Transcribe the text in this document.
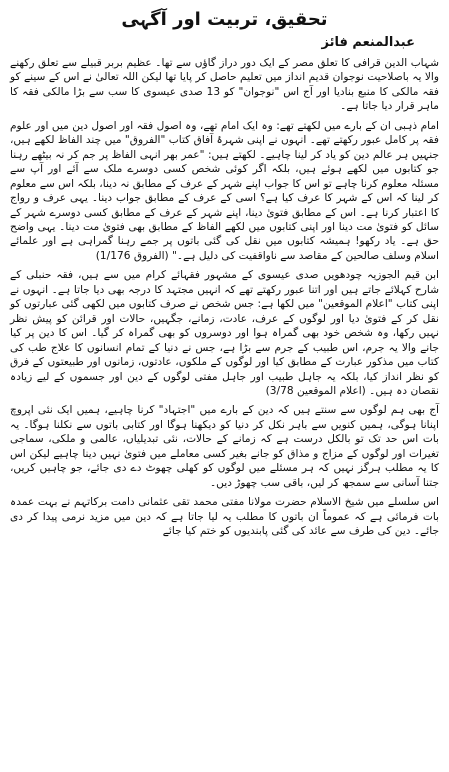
تحقیق، تربیت اور آگہی
عبدالمنعم فائز
شہاب الدین قرافی کا تعلق مصر کے ایک دور دراز گاؤں سے تھا۔ عظیم بربر قبیلے سے تعلق رکھنے والا یہ باصلاحیت نوجوان قدیم انداز میں تعلیم حاصل کر پایا تھا لیکن اللہ تعالیٰ نے اس کے سینے کو فقہ مالکی کا منبع بنادیا اور آج اس "نوجوان" کو 13 صدی عیسوی کا سب سے بڑا مالکی فقہ کا ماہر قرار دیا جاتا ہے۔
امام ذہبی ان کے بارے میں لکھتے تھے: وہ ایک امام تھے، وہ اصول فقہ اور اصول دین میں اور علوم فقہ پر کامل عبور رکھتے تھے۔ انہوں نے اپنی شہرۂ آفاق کتاب "الفروق" میں چند الفاظ لکھے ہیں، جنہیں ہر عالم دین کو یاد کر لینا چاہیے۔ لکھتے ہیں: "عمر بھر انہی الفاظ پر جم کر نہ بیٹھے رہنا جو کتابوں میں لکھے ہوئے ہیں، بلکہ اگر کوئی شخص کسی دوسرے ملک سے آئے اور آپ سے مسئلہ معلوم کرنا چاہے تو اس کا جواب اپنے شہر کے عرف کے مطابق نہ دینا، بلکہ اس سے معلوم کر لینا کہ اس کے شہر کا عرف کیا ہے؟ اسی کے عرف کے مطابق جواب دینا۔ یہی عرف و رواج کا اعتبار کرنا ہے۔ اس کے مطابق فتویٰ دینا، اپنے شہر کے عرف کے مطابق کسی دوسرے شہر کے سائل کو فتویٰ مت دینا اور اپنی کتابوں میں لکھے الفاظ کے مطابق بھی فتویٰ مت دینا۔ یہی واضح حق ہے۔ یاد رکھو! ہمیشہ کتابوں میں نقل کی گئی باتوں پر جمے رہنا گمراہی ہے اور علمائے اسلام وسلف صالحین کے مقاصد سے ناواقفیت کی دلیل ہے۔" (الفروق 1/176)
ابن قیم الجوزیہ چودھویں صدی عیسوی کے مشہور فقہائے کرام میں سے ہیں، فقہ حنبلی کے شارح کہلائے جاتے ہیں اور اتنا عبور رکھتے تھے کہ انہیں مجتہد کا درجہ بھی دیا جاتا ہے۔ انہوں نے اپنی کتاب "اعلام الموقعین" میں لکھا ہے: جس شخص نے صرف کتابوں میں لکھی گئی عبارتوں کو نقل کر کے فتویٰ دیا اور لوگوں کے عرف، عادت، زمانے، جگہیں، حالات اور قرائن کو پیش نظر نہیں رکھا، وہ شخص خود بھی گمراہ ہوا اور دوسروں کو بھی گمراہ کر گیا۔ اس کا دین پر کیا جانے والا یہ جرم، اس طبیب کے جرم سے بڑا ہے، جس نے دنیا کے تمام انسانوں کا علاج طب کی کتاب میں مذکور عبارت کے مطابق کیا اور لوگوں کے ملکوں، عادتوں، زمانوں اور طبیعتوں کے فرق کو نظر انداز کیا، بلکہ یہ جاہل طبیب اور جاہل مفتی لوگوں کے دین اور جسموں کے لیے زیادہ نقصان دہ ہیں۔ (اعلام الموقعین 3/78)
آج بھی ہم لوگوں سے سنتے ہیں کہ دین کے بارے میں "اجتہاد" کرنا چاہیے، ہمیں ایک نئی اپروچ اپنانا ہوگی، ہمیں کنویں سے باہر نکل کر دنیا کو دیکھنا ہوگا اور کتابی باتوں سے نکلنا ہوگا۔ یہ بات اس حد تک تو بالکل درست ہے کہ زمانے کے حالات، نئی تبدیلیاں، عالمی و ملکی، سماجی تغیرات اور لوگوں کے مزاج و مذاق کو جانے بغیر کسی معاملے میں فتویٰ نہیں دینا چاہیے لیکن اس کا یہ مطلب ہرگز نہیں کہ ہر مسئلے میں لوگوں کو کھلی چھوٹ دے دی جائے، جو چاہیں کریں، جتنا آسانی سے سمجھ کر لیں، باقی سب چھوڑ دیں۔
اس سلسلے میں شیخ الاسلام حضرت مولانا مفتی محمد تقی عثمانی دامت برکاتہم نے بہت عمدہ بات فرمائی ہے کہ عموماً ان باتوں کا مطلب یہ لیا جاتا ہے کہ دین میں مزید نرمی پیدا کر دی جائے۔ دین کی طرف سے عائد کی گئی پابندیوں کو ختم کیا جائے
